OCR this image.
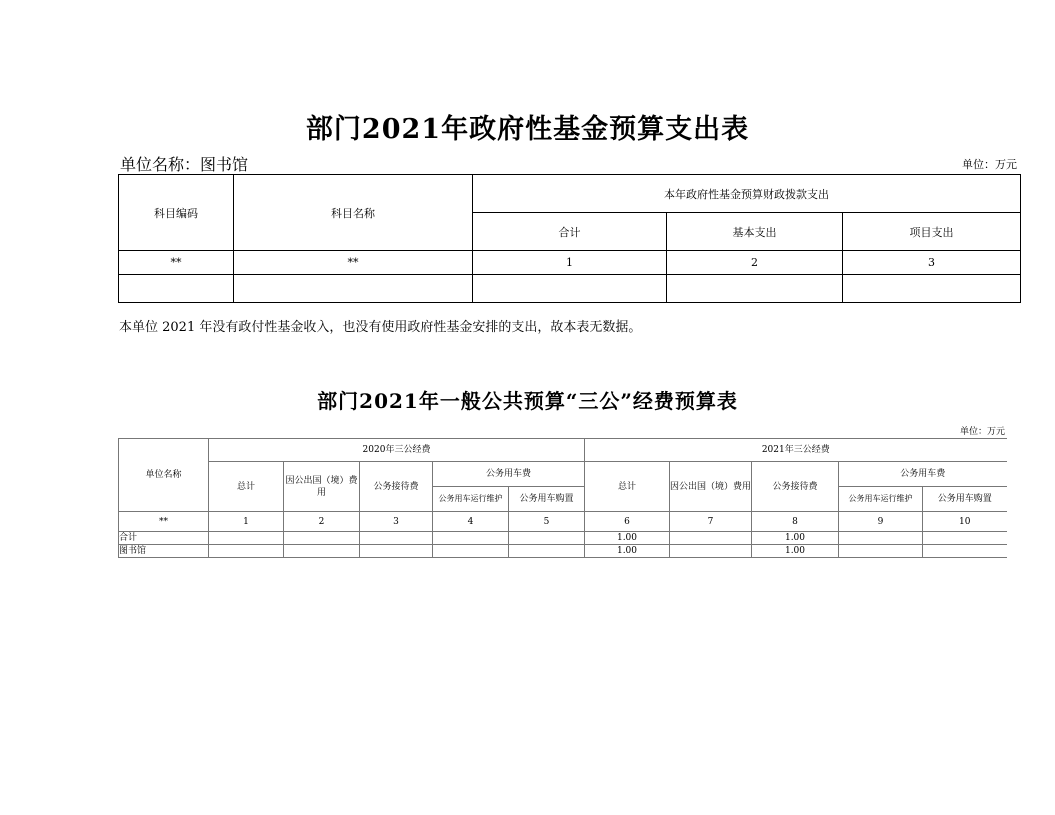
部门2021年政府性基金预算支出表
单位名称：图书馆	单位：万元
科目编码	科目名称	本年政府性基金预算财政拨款支出		
		合计	基本支出	项目支出
**	**	1	2	3

本单位 2021 年没有政付性基金收入，也没有使用政府性基金安排的支出，故本表无数据。
部门2021年一般公共预算“三公”经费预算表
单位：万元
单位名称	2020年三公经费					2021年三公经费				
	总计	因公出国（境）费用	公务接待费	公务用车费		总计	因公出国（境）费用	公务接待费	公务用车费	
				公务用车运行维护	公务用车购置				公务用车运行维护	公务用车购置
**	1	2	3	4	5	6	7	8	9	10
合计						1.00		1.00		
图书馆						1.00		1.00		
